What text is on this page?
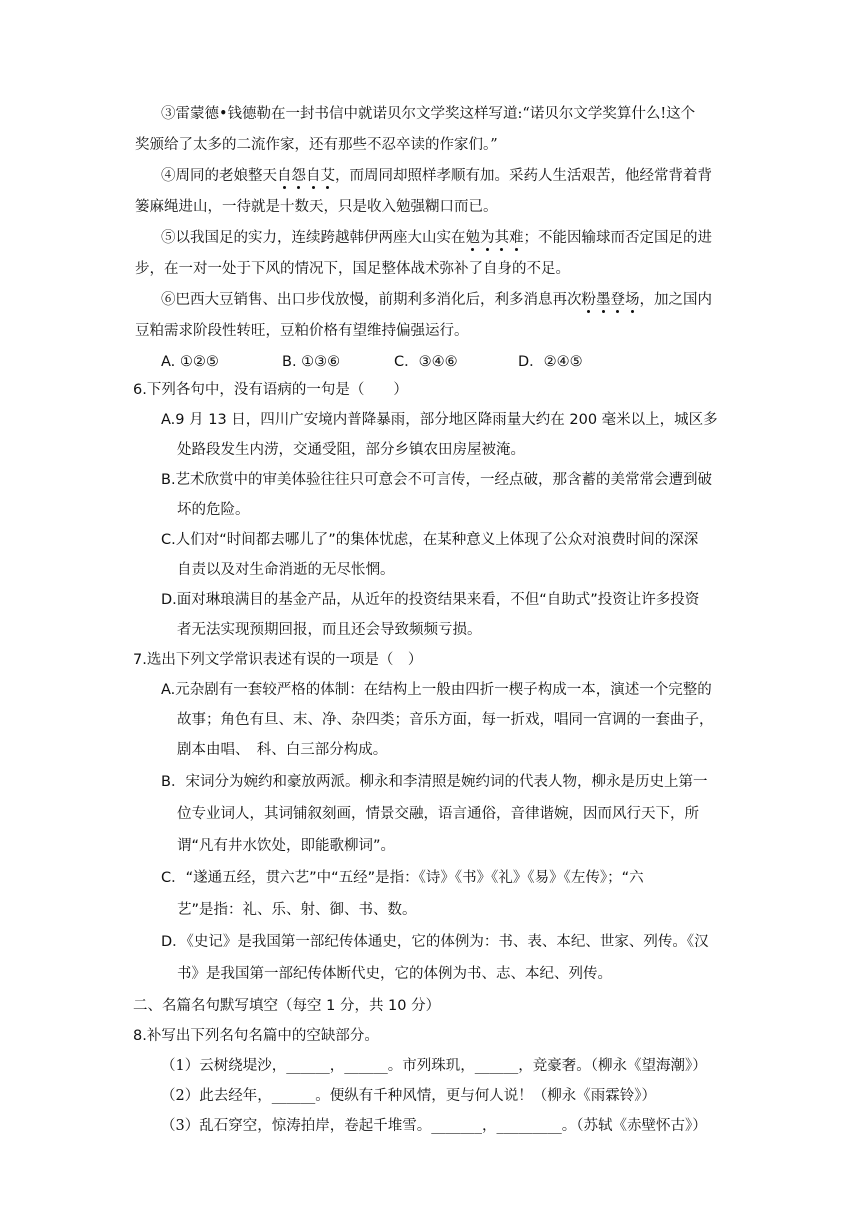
③雷蒙德•钱德勒在一封书信中就诺贝尔文学奖这样写道:“诺贝尔文学奖算什么!这个
奖颁给了太多的二流作家，还有那些不忍卒读的作家们。”
④周同的老娘整天自怨自艾，而周同却照样孝顺有加。采药人生活艰苦，他经常背着背
篓麻绳进山，一待就是十数天，只是收入勉强糊口而已。
⑤以我国足的实力，连续跨越韩伊两座大山实在勉为其难；不能因输球而否定国足的进
步，在一对一处于下风的情况下，国足整体战术弥补了自身的不足。
⑥巴西大豆销售、出口步伐放慢，前期利多消化后，利多消息再次粉墨登场，加之国内
豆粕需求阶段性转旺，豆粕价格有望维持偏强运行。
A. ①②⑤	B. ①③⑥	C．③④⑥	D．②④⑤
6.下列各句中，没有语病的一句是（　　）
A.9 月 13 日，四川广安境内普降暴雨，部分地区降雨量大约在 200 毫米以上，城区多
处路段发生内涝，交通受阻，部分乡镇农田房屋被淹。
B.艺术欣赏中的审美体验往往只可意会不可言传，一经点破，那含蓄的美常常会遭到破
坏的危险。
C.人们对“时间都去哪儿了”的集体忧虑，在某种意义上体现了公众对浪费时间的深深
自责以及对生命消逝的无尽怅惘。
D.面对琳琅满目的基金产品，从近年的投资结果来看，不但“自助式”投资让许多投资
者无法实现预期回报，而且还会导致频频亏损。
7.选出下列文学常识表述有误的一项是（　）
A.元杂剧有一套较严格的体制：在结构上一般由四折一楔子构成一本，演述一个完整的
故事；角色有旦、末、净、杂四类；音乐方面，每一折戏，唱同一宫调的一套曲子，
剧本由唱、　科、白三部分构成。
B．宋词分为婉约和豪放两派。柳永和李清照是婉约词的代表人物，柳永是历史上第一
位专业词人，其词铺叙刻画，情景交融，语言通俗，音律谐婉，因而风行天下，所
谓“凡有井水饮处，即能歌柳词”。
C．“遂通五经，贯六艺”中“五经”是指：《诗》《书》《礼》《易》《左传》；“六
艺”是指：礼、乐、射、御、书、数。
D．《史记》是我国第一部纪传体通史，它的体例为：书、表、本纪、世家、列传。《汉
书》是我国第一部纪传体断代史，它的体例为书、志、本纪、列传。
二、名篇名句默写填空（每空 1 分，共 10 分）
8.补写出下列名句名篇中的空缺部分。
（1）云树绕堤沙，______，______。市列珠玑，______，竞豪奢。（柳永《望海潮》）
（2）此去经年，______。便纵有千种风情，更与何人说！（柳永《雨霖铃》）
（3）乱石穿空，惊涛拍岸，卷起千堆雪。_______，_________。（苏轼《赤壁怀古》）
